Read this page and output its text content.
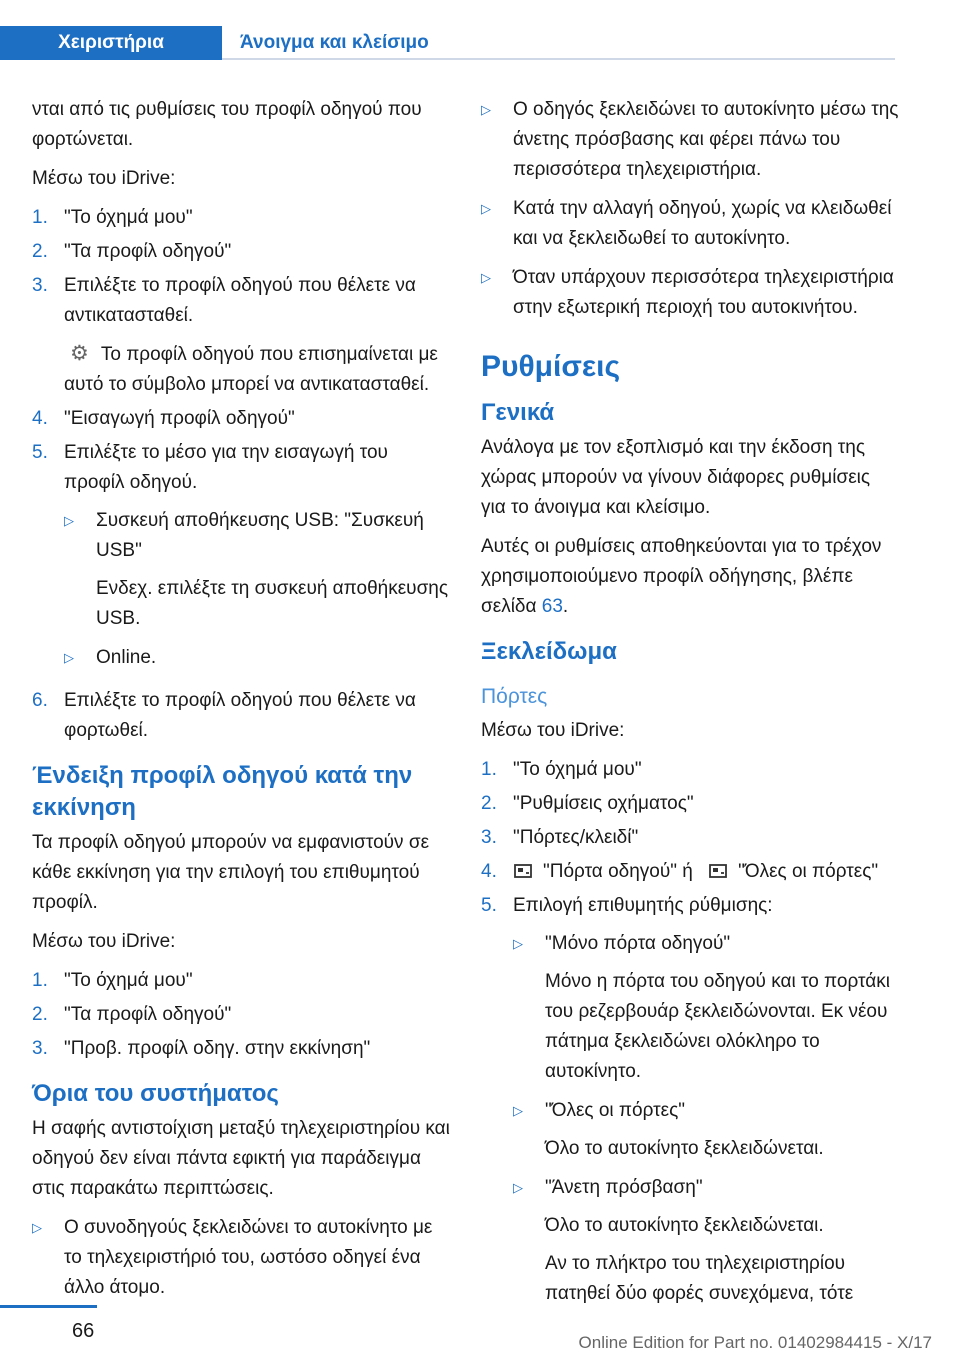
Χειριστήρια	Άνοιγμα και κλείσιμο

νται από τις ρυθμίσεις του προφίλ οδηγού που φορτώνεται.

Μέσω του iDrive:

1. "Το όχημά μου"
2. "Τα προφίλ οδηγού"
3. Επιλέξτε το προφίλ οδηγού που θέλετε να αντικατασταθεί.
⚙ Το προφίλ οδηγού που επισημαίνεται με αυτό το σύμβολο μπορεί να αντικατασταθεί.
4. "Εισαγωγή προφίλ οδηγού"
5. Επιλέξτε το μέσο για την εισαγωγή του προφίλ οδηγού.
▷	Συσκευή αποθήκευσης USB: "Συσκευή USB"
Ενδεχ. επιλέξτε τη συσκευή αποθήκευσης USB.
▷	Online.
6. Επιλέξτε το προφίλ οδηγού που θέλετε να φορτωθεί.
Ένδειξη προφίλ οδηγού κατά την εκκίνηση

Τα προφίλ οδηγού μπορούν να εμφανιστούν σε κάθε εκκίνηση για την επιλογή του επιθυμητού προφίλ.

Μέσω του iDrive:

1. "Το όχημά μου"
2. "Τα προφίλ οδηγού"
3. "Προβ. προφίλ οδηγ. στην εκκίνηση"
Όρια του συστήματος

Η σαφής αντιστοίχιση μεταξύ τηλεχειριστηρίου και οδηγού δεν είναι πάντα εφικτή για παράδειγμα στις παρακάτω περιπτώσεις.

▷	Ο συνοδηγούς ξεκλειδώνει το αυτοκίνητο με το τηλεχειριστήριό του, ωστόσο οδηγεί ένα άλλο άτομο.
▷	Ο οδηγός ξεκλειδώνει το αυτοκίνητο μέσω της άνετης πρόσβασης και φέρει πάνω του περισσότερα τηλεχειριστήρια.
▷	Κατά την αλλαγή οδηγού, χωρίς να κλειδωθεί και να ξεκλειδωθεί το αυτοκίνητο.
▷	Όταν υπάρχουν περισσότερα τηλεχειριστήρια στην εξωτερική περιοχή του αυτοκινήτου.
Ρυθμίσεις
Γενικά

Ανάλογα με τον εξοπλισμό και την έκδοση της χώρας μπορούν να γίνουν διάφορες ρυθμίσεις για το άνοιγμα και κλείσιμο.

Αυτές οι ρυθμίσεις αποθηκεύονται για το τρέχον χρησιμοποιούμενο προφίλ οδήγησης, βλέπε σελίδα 63.

Ξεκλείδωμα
Πόρτες

Μέσω του iDrive:

1. "Το όχημά μου"
2. "Ρυθμίσεις οχήματος"
3. "Πόρτες/κλειδί"
4.	"Πόρτα οδηγού" ή "Όλες οι πόρτες"
5. Επιλογή επιθυμητής ρύθμισης:
▷	"Μόνο πόρτα οδηγού"
Μόνο η πόρτα του οδηγού και το πορτάκι του ρεζερβουάρ ξεκλειδώνονται. Εκ νέου πάτημα ξεκλειδώνει ολόκληρο το αυτοκίνητο.
▷	"Όλες οι πόρτες"
Όλο το αυτοκίνητο ξεκλειδώνεται.
▷	"Άνετη πρόσβαση"
Όλο το αυτοκίνητο ξεκλειδώνεται.
Αν το πλήκτρο του τηλεχειριστηρίου πατηθεί δύο φορές συνεχόμενα, τότε
66
Online Edition for Part no. 01402984415 - X/17
